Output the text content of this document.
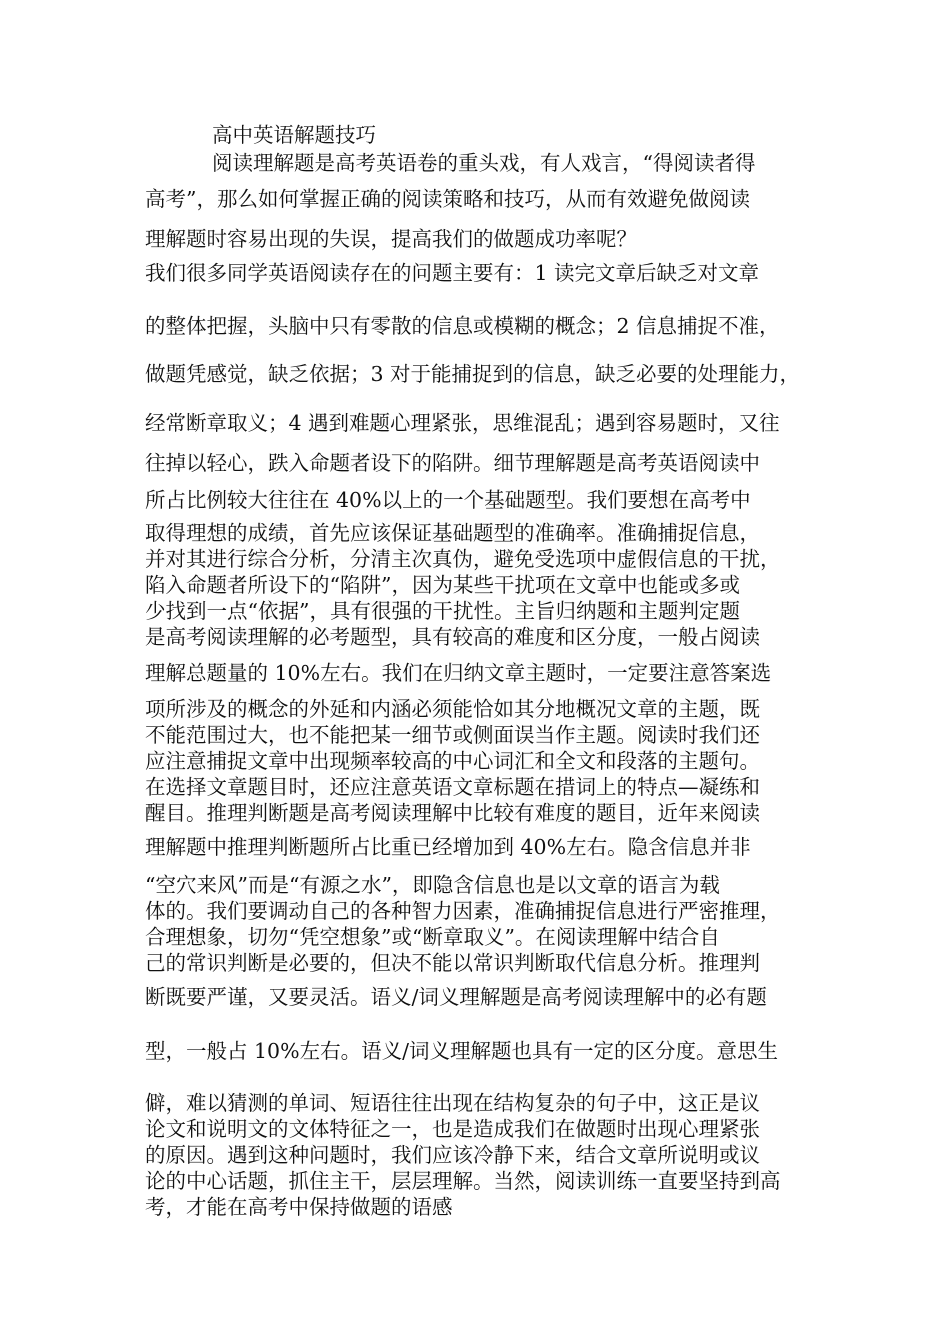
高中英语解题技巧

阅读理解题是高考英语卷的重头戏，有人戏言，“得阅读者得

高考”，那么如何掌握正确的阅读策略和技巧，从而有效避免做阅读

理解题时容易出现的失误，提高我们的做题成功率呢？

我们很多同学英语阅读存在的问题主要有：1 读完文章后缺乏对文章

的整体把握，头脑中只有零散的信息或模糊的概念；2 信息捕捉不准，

做题凭感觉，缺乏依据；3 对于能捕捉到的信息，缺乏必要的处理能力，

经常断章取义；4 遇到难题心理紧张，思维混乱；遇到容易题时，又往

往掉以轻心，跌入命题者设下的陷阱。细节理解题是高考英语阅读中

所占比例较大往往在 40%以上的一个基础题型。我们要想在高考中

取得理想的成绩，首先应该保证基础题型的准确率。准确捕捉信息，

并对其进行综合分析，分清主次真伪，避免受选项中虚假信息的干扰，

陷入命题者所设下的“陷阱”，因为某些干扰项在文章中也能或多或

少找到一点“依据”，具有很强的干扰性。主旨归纳题和主题判定题

是高考阅读理解的必考题型，具有较高的难度和区分度，一般占阅读

理解总题量的 10%左右。我们在归纳文章主题时，一定要注意答案选

项所涉及的概念的外延和内涵必须能恰如其分地概况文章的主题，既

不能范围过大，也不能把某一细节或侧面误当作主题。阅读时我们还

应注意捕捉文章中出现频率较高的中心词汇和全文和段落的主题句。

在选择文章题目时，还应注意英语文章标题在措词上的特点—凝练和

醒目。推理判断题是高考阅读理解中比较有难度的题目，近年来阅读

理解题中推理判断题所占比重已经增加到 40%左右。隐含信息并非

“空穴来风”而是“有源之水”，即隐含信息也是以文章的语言为载

体的。我们要调动自己的各种智力因素，准确捕捉信息进行严密推理，

合理想象，切勿“凭空想象”或“断章取义”。在阅读理解中结合自

己的常识判断是必要的，但决不能以常识判断取代信息分析。推理判

断既要严谨，又要灵活。语义/词义理解题是高考阅读理解中的必有题

型，一般占 10%左右。语义/词义理解题也具有一定的区分度。意思生

僻，难以猜测的单词、短语往往出现在结构复杂的句子中，这正是议

论文和说明文的文体特征之一，也是造成我们在做题时出现心理紧张

的原因。遇到这种问题时，我们应该冷静下来，结合文章所说明或议

论的中心话题，抓住主干，层层理解。当然，阅读训练一直要坚持到高

考，才能在高考中保持做题的语感
